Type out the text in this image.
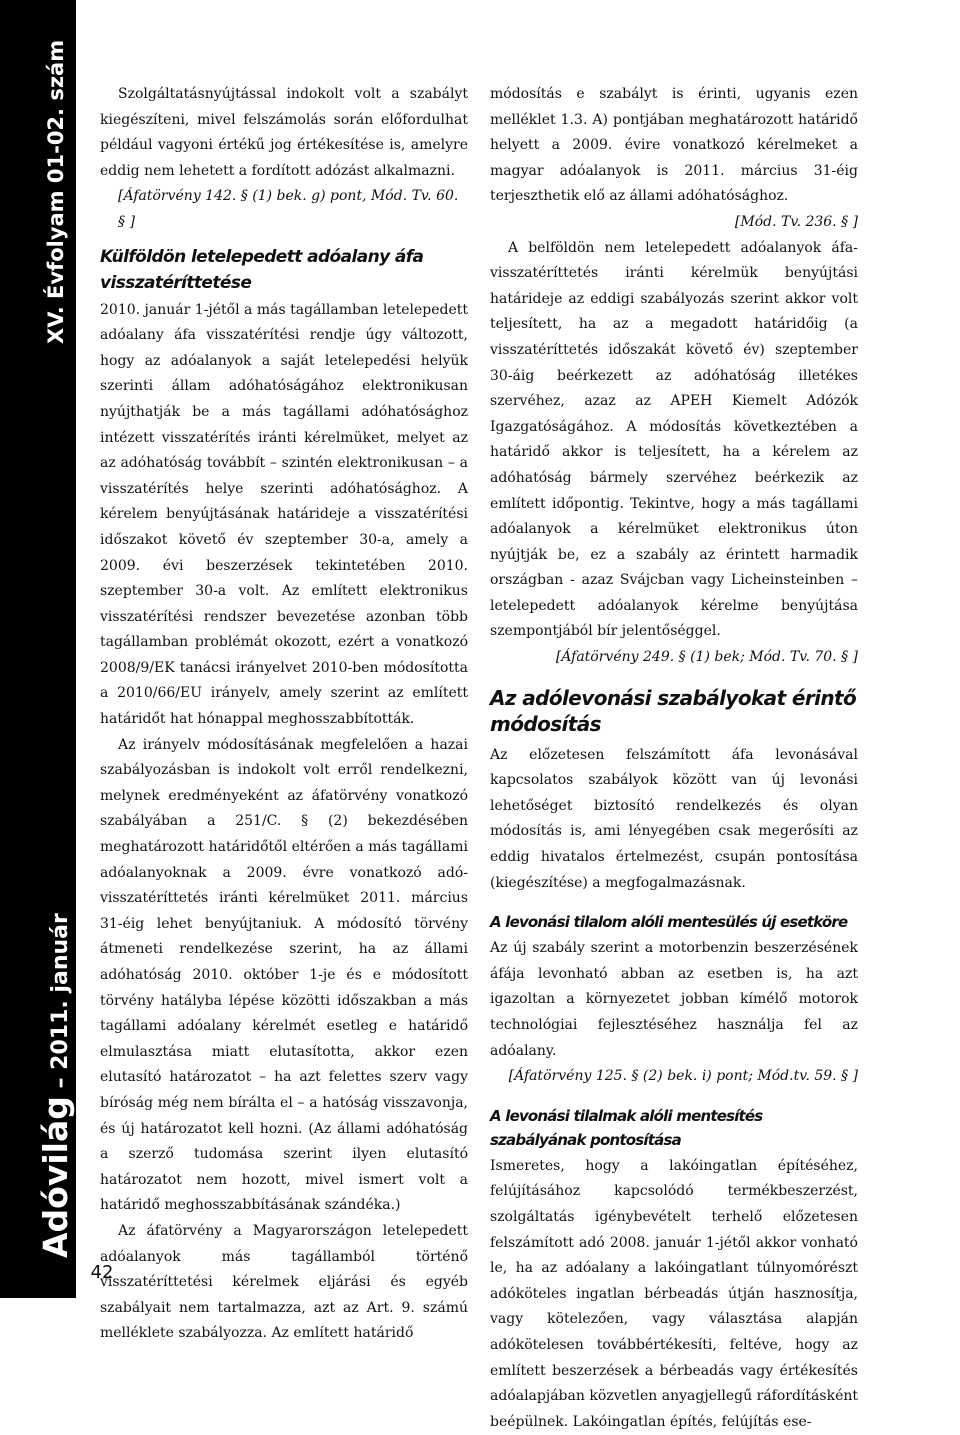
Adóvilág – 2011. január
XV. Évfolyam 01-02. szám
42

Szolgáltatásnyújtással indokolt volt a szabályt kiegészíteni, mivel felszámolás során előfordulhat például vagyoni értékű jog értékesítése is, amelyre eddig nem lehetett a fordított adózást alkalmazni.

[Áfatörvény 142. § (1) bek. g) pont, Mód. Tv. 60. § ]

Külföldön letelepedett adóalany áfa visszatéríttetése

2010. január 1-jétől a más tagállamban letelepedett adóalany áfa visszatérítési rendje úgy változott, hogy az adóalanyok a saját letelepedési helyük szerinti állam adóhatóságához elektronikusan nyújthatják be a más tagállami adóhatósághoz intézett visszatérítés iránti kérelmüket, melyet az az adóhatóság továbbít – szintén elektronikusan – a visszatérítés helye szerinti adóhatósághoz. A kérelem benyújtásának határideje a visszatérítési időszakot követő év szeptember 30-a, amely a 2009. évi beszerzések tekintetében 2010. szeptember 30-a volt. Az említett elektronikus visszatérítési rendszer bevezetése azonban több tagállamban problémát okozott, ezért a vonatkozó 2008/9/EK tanácsi irányelvet 2010-ben módosította a 2010/66/EU irányelv, amely szerint az említett határidőt hat hónappal meghosszabbították.

Az irányelv módosításának megfelelően a hazai szabályozásban is indokolt volt erről rendelkezni, melynek eredményeként az áfatörvény vonatkozó szabályában a 251/C. § (2) bekezdésében meghatározott határidőtől eltérően a más tagállami adóalanyoknak a 2009. évre vonatkozó adó-visszatéríttetés iránti kérelmüket 2011. március 31-éig lehet benyújtaniuk. A módosító törvény átmeneti rendelkezése szerint, ha az állami adóhatóság 2010. október 1-je és e módosított törvény hatályba lépése közötti időszakban a más tagállami adóalany kérelmét esetleg e határidő elmulasztása miatt elutasította, akkor ezen elutasító határozatot – ha azt felettes szerv vagy bíróság még nem bírálta el – a hatóság visszavonja, és új határozatot kell hozni. (Az állami adóhatóság a szerző tudomása szerint ilyen elutasító határozatot nem hozott, mivel ismert volt a határidő meghosszabbításának szándéka.)

Az áfatörvény a Magyarországon letelepedett adóalanyok más tagállamból történő visszatéríttetési kérelmek eljárási és egyéb szabályait nem tartalmazza, azt az Art. 9. számú melléklete szabályozza. Az említett határidő

módosítás e szabályt is érinti, ugyanis ezen melléklet 1.3. A) pontjában meghatározott határidő helyett a 2009. évire vonatkozó kérelmeket a magyar adóalanyok is 2011. március 31-éig terjeszthetik elő az állami adóhatósághoz.

[Mód. Tv. 236. § ]

A belföldön nem letelepedett adóalanyok áfa-visszatéríttetés iránti kérelmük benyújtási határideje az eddigi szabályozás szerint akkor volt teljesített, ha az a megadott határidőig (a visszatéríttetés időszakát követő év) szeptember 30-áig beérkezett az adóhatóság illetékes szervéhez, azaz az APEH Kiemelt Adózók Igazgatóságához. A módosítás következtében a határidő akkor is teljesített, ha a kérelem az adóhatóság bármely szervéhez beérkezik az említett időpontig. Tekintve, hogy a más tagállami adóalanyok a kérelmüket elektronikus úton nyújtják be, ez a szabály az érintett harmadik országban - azaz Svájcban vagy Licheinsteinben – letelepedett adóalanyok kérelme benyújtása szempontjából bír jelentőséggel.

[Áfatörvény 249. § (1) bek; Mód. Tv. 70. § ]

Az adólevonási szabályokat érintő módosítás

Az előzetesen felszámított áfa levonásával kapcsolatos szabályok között van új levonási lehetőséget biztosító rendelkezés és olyan módosítás is, ami lényegében csak megerősíti az eddig hivatalos értelmezést, csupán pontosítása (kiegészítése) a megfogalmazásnak.

A levonási tilalom alóli mentesülés új esetköre

Az új szabály szerint a motorbenzin beszerzésének áfája levonható abban az esetben is, ha azt igazoltan a környezetet jobban kímélő motorok technológiai fejlesztéséhez használja fel az adóalany.

[Áfatörvény 125. § (2) bek. i) pont; Mód.tv. 59. § ]

A levonási tilalmak alóli mentesítés szabályának pontosítása

Ismeretes, hogy a lakóingatlan építéséhez, felújításához kapcsolódó termékbeszerzést, szolgáltatás igénybevételt terhelő előzetesen felszámított adó 2008. január 1-jétől akkor vonható le, ha az adóalany a lakóingatlant túlnyomórészt adóköteles ingatlan bérbeadás útján hasznosítja, vagy kötelezően, vagy választása alapján adókötelesen továbbértékesíti, feltéve, hogy az említett beszerzések a bérbeadás vagy értékesítés adóalapjában közvetlen anyagjellegű ráfordításként beépülnek. Lakóingatlan építés, felújítás ese-
